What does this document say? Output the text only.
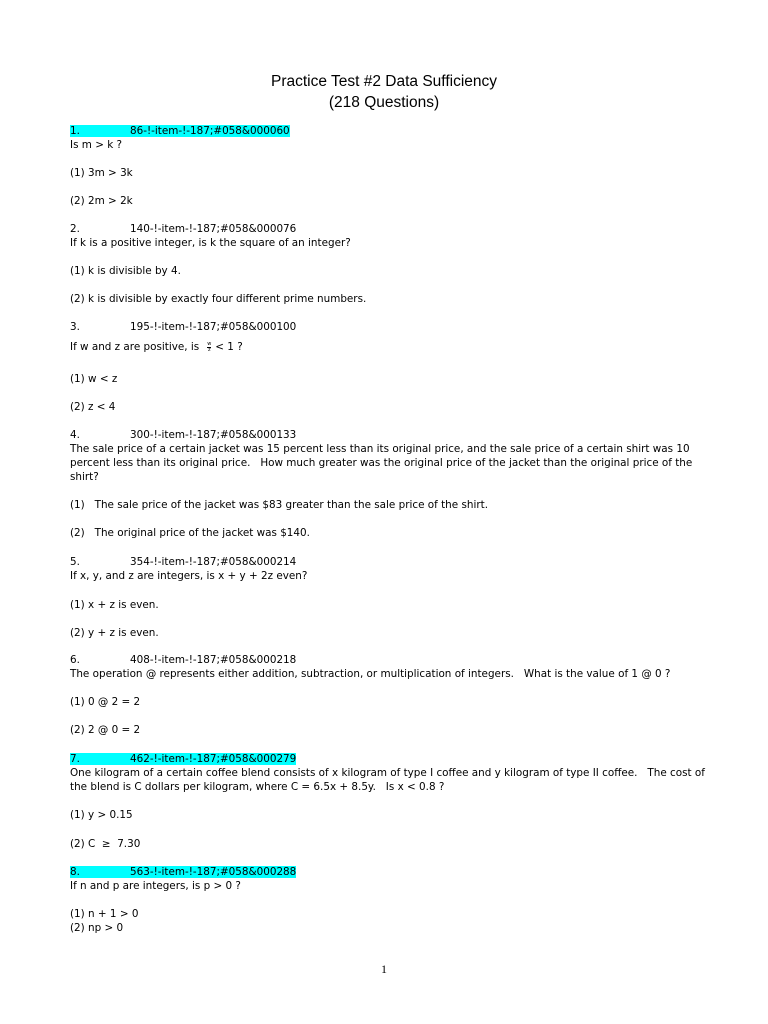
Practice Test #2 Data Sufficiency
(218 Questions)
1.	86-!-item-!-187;#058&000060
Is m > k ?
(1) 3m > 3k
(2) 2m > 2k
2.	140-!-item-!-187;#058&000076
If k is a positive integer, is k the square of an integer?
(1) k is divisible by 4.
(2) k is divisible by exactly four different prime numbers.
3.	195-!-item-!-187;#058&000100
If w and z are positive, is $\frac{w}{z} < 1$ ?
(1) w < z
(2) z < 4
4.	300-!-item-!-187;#058&000133
The sale price of a certain jacket was 15 percent less than its original price, and the sale price of a certain shirt was 10
percent less than its original price.   How much greater was the original price of the jacket than the original price of the
shirt?
(1)   The sale price of the jacket was $83 greater than the sale price of the shirt.
(2)   The original price of the jacket was $140.
5.	354-!-item-!-187;#058&000214
If x, y, and z are integers, is x + y + 2z even?
(1) x + z is even.
(2) y + z is even.
6.	408-!-item-!-187;#058&000218
The operation @ represents either addition, subtraction, or multiplication of integers.   What is the value of 1 @ 0 ?
(1) 0 @ 2 = 2
(2) 2 @ 0 = 2
7.	462-!-item-!-187;#058&000279
One kilogram of a certain coffee blend consists of x kilogram of type I coffee and y kilogram of type II coffee.   The cost of
the blend is C dollars per kilogram, where C = 6.5x + 8.5y.   Is x < 0.8 ?
(1) y > 0.15
(2) C  ≥  7.30
8.	563-!-item-!-187;#058&000288
If n and p are integers, is p > 0 ?
(1) n + 1 > 0
(2) np > 0
1
